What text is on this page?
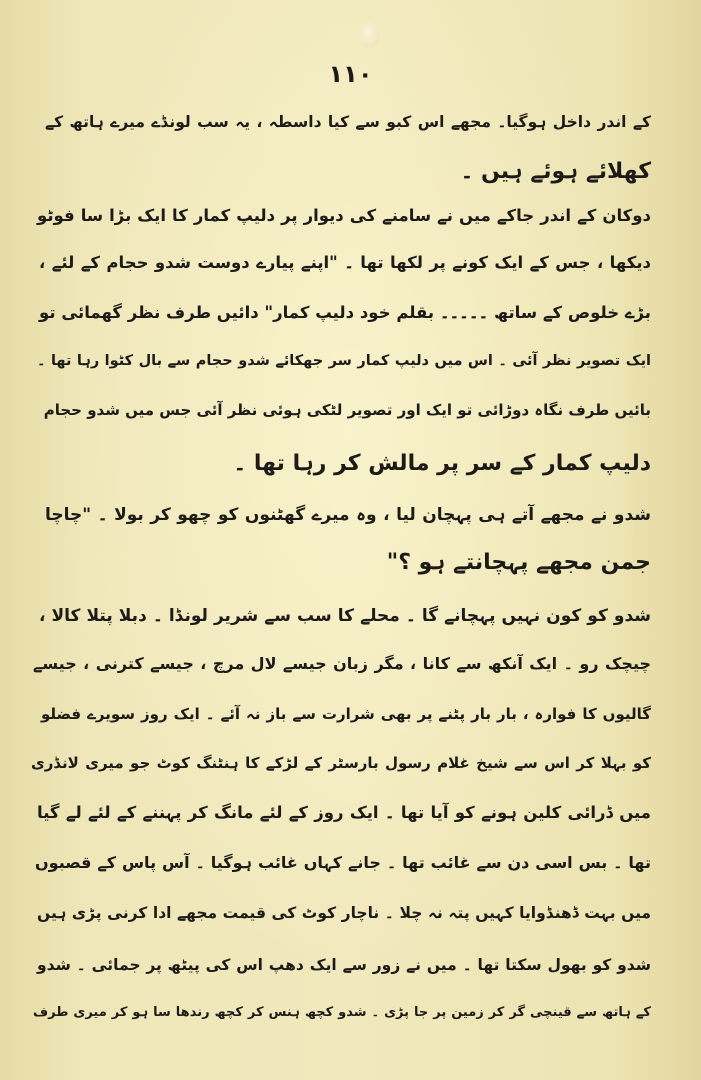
۱۱۰
کے اندر داخل ہوگیا۔ مجھے اس کبو سے کیا داسطہ ، یہ سب لونڈے میرے ہاتھ کے
کھلائے ہوئے ہیں ۔
دوکان کے اندر جاکے میں نے سامنے کی دیوار پر دلیپ کمار کا ایک بڑا سا فوٹو
دیکھا ، جس کے ایک کونے پر لکھا تھا ۔ "اپنے پیارے دوست شدو حجام کے لئے ،
بڑے خلوص کے ساتھ ۔۔۔۔۔ بقلم خود دلیپ کمار" دائیں طرف نظر گھمائی تو
ایک تصویر نظر آئی ۔ اس میں دلیپ کمار سر جھکائے شدو حجام سے بال کٹوا رہا تھا ۔
بائیں طرف نگاہ دوڑائی تو ایک اور تصویر لٹکی ہوئی نظر آئی جس میں شدو حجام
دلیپ کمار کے سر پر مالش کر رہا تھا ۔
شدو نے مجھے آتے ہی پہچان لیا ، وہ میرے گھٹنوں کو چھو کر بولا ۔ "چاچا
جمن مجھے پہچانتے ہو ؟"
شدو کو کون نہیں پہچانے گا ۔ محلے کا سب سے شریر لونڈا ۔ دبلا پتلا کالا ،
چیچک رو ۔ ایک آنکھ سے کانا ، مگر زبان جیسے لال مرچ ، جیسے کترنی ، جیسے
گالیوں کا فوارہ ، بار بار پٹنے پر بھی شرارت سے باز نہ آئے ۔ ایک روز سویرے فضلو
کو بہلا کر اس سے شیخ غلام رسول بارسٹر کے لڑکے کا ہنٹنگ کوٹ جو میری لانڈری
میں ڈرائی کلین ہونے کو آیا تھا ۔ ایک روز کے لئے مانگ کر پہننے کے لئے لے گیا
تھا ۔ بس اسی دن سے غائب تھا ۔ جانے کہاں غائب ہوگیا ۔ آس پاس کے قصبوں
میں بہت ڈھنڈوایا کہیں پتہ نہ چلا ۔ ناچار کوٹ کی قیمت مجھے ادا کرنی پڑی ہیں
شدو کو بھول سکتا تھا ۔ میں نے زور سے ایک دھپ اس کی پیٹھ پر جمائی ۔ شدو
کے ہاتھ سے قینچی گر کر زمین پر جا پڑی ۔ شدو کچھ ہنس کر کچھ رندھا سا ہو کر میری طرف
